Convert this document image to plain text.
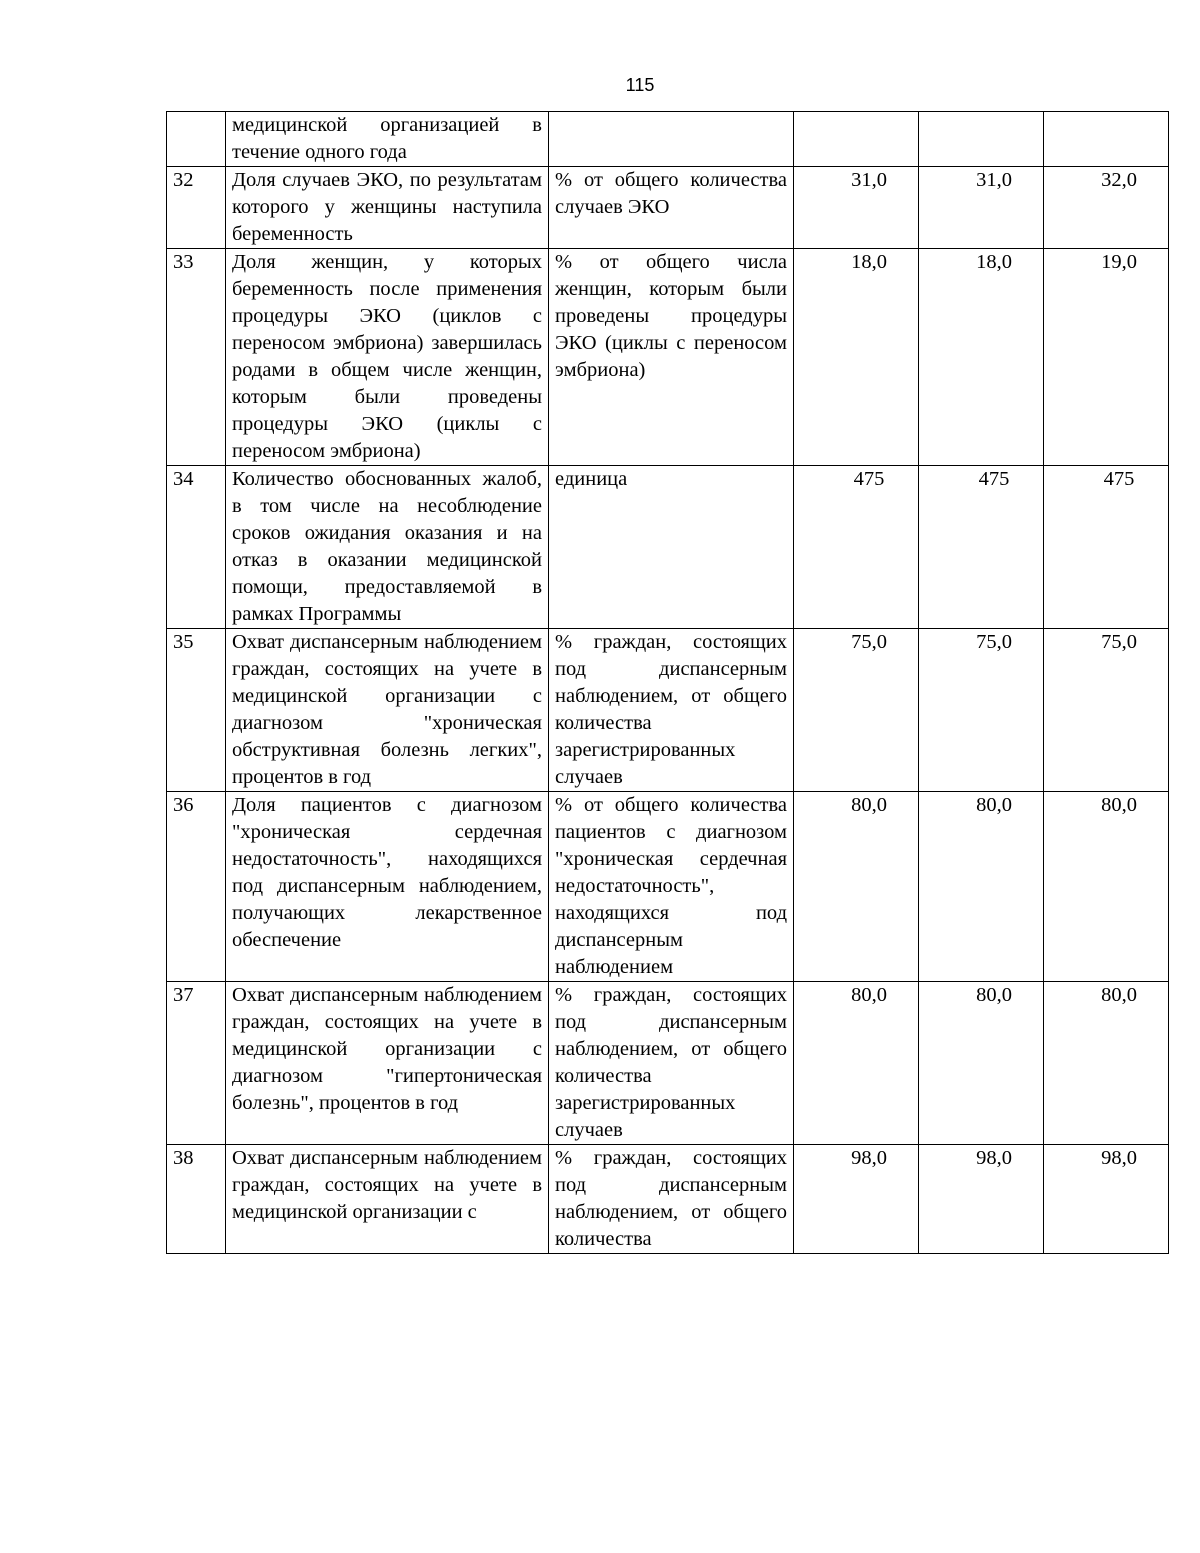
115
	медицинской организацией в течение одного года				
32	Доля случаев ЭКО, по результатам которого у женщины наступила беременность	% от общего количества случаев ЭКО	31,0	31,0	32,0
33	Доля женщин, у которых беременность после применения процедуры ЭКО (циклов с переносом эмбриона) завершилась родами в общем числе женщин, которым были проведены процедуры ЭКО (циклы с переносом эмбриона)	% от общего числа женщин, которым были проведены процедуры ЭКО (циклы с переносом эмбриона)	18,0	18,0	19,0
34	Количество обоснованных жалоб, в том числе на несоблюдение сроков ожидания оказания и на отказ в оказании медицинской помощи, предоставляемой в рамках Программы	единица	475	475	475
35	Охват диспансерным наблюдением граждан, состоящих на учете в медицинской организации с диагнозом "хроническая обструктивная болезнь легких", процентов в год	% граждан, состоящих под диспансерным наблюдением, от общего количества зарегистрированных случаев	75,0	75,0	75,0
36	Доля пациентов с диагнозом "хроническая сердечная недостаточность", находящихся под диспансерным наблюдением, получающих лекарственное обеспечение	% от общего количества пациентов с диагнозом "хроническая сердечная недостаточность", находящихся под диспансерным наблюдением	80,0	80,0	80,0
37	Охват диспансерным наблюдением граждан, состоящих на учете в медицинской организации с диагнозом "гипертоническая болезнь", процентов в год	% граждан, состоящих под диспансерным наблюдением, от общего количества зарегистрированных случаев	80,0	80,0	80,0
38	Охват диспансерным наблюдением граждан, состоящих на учете в медицинской организации с	% граждан, состоящих под диспансерным наблюдением, от общего количества	98,0	98,0	98,0
